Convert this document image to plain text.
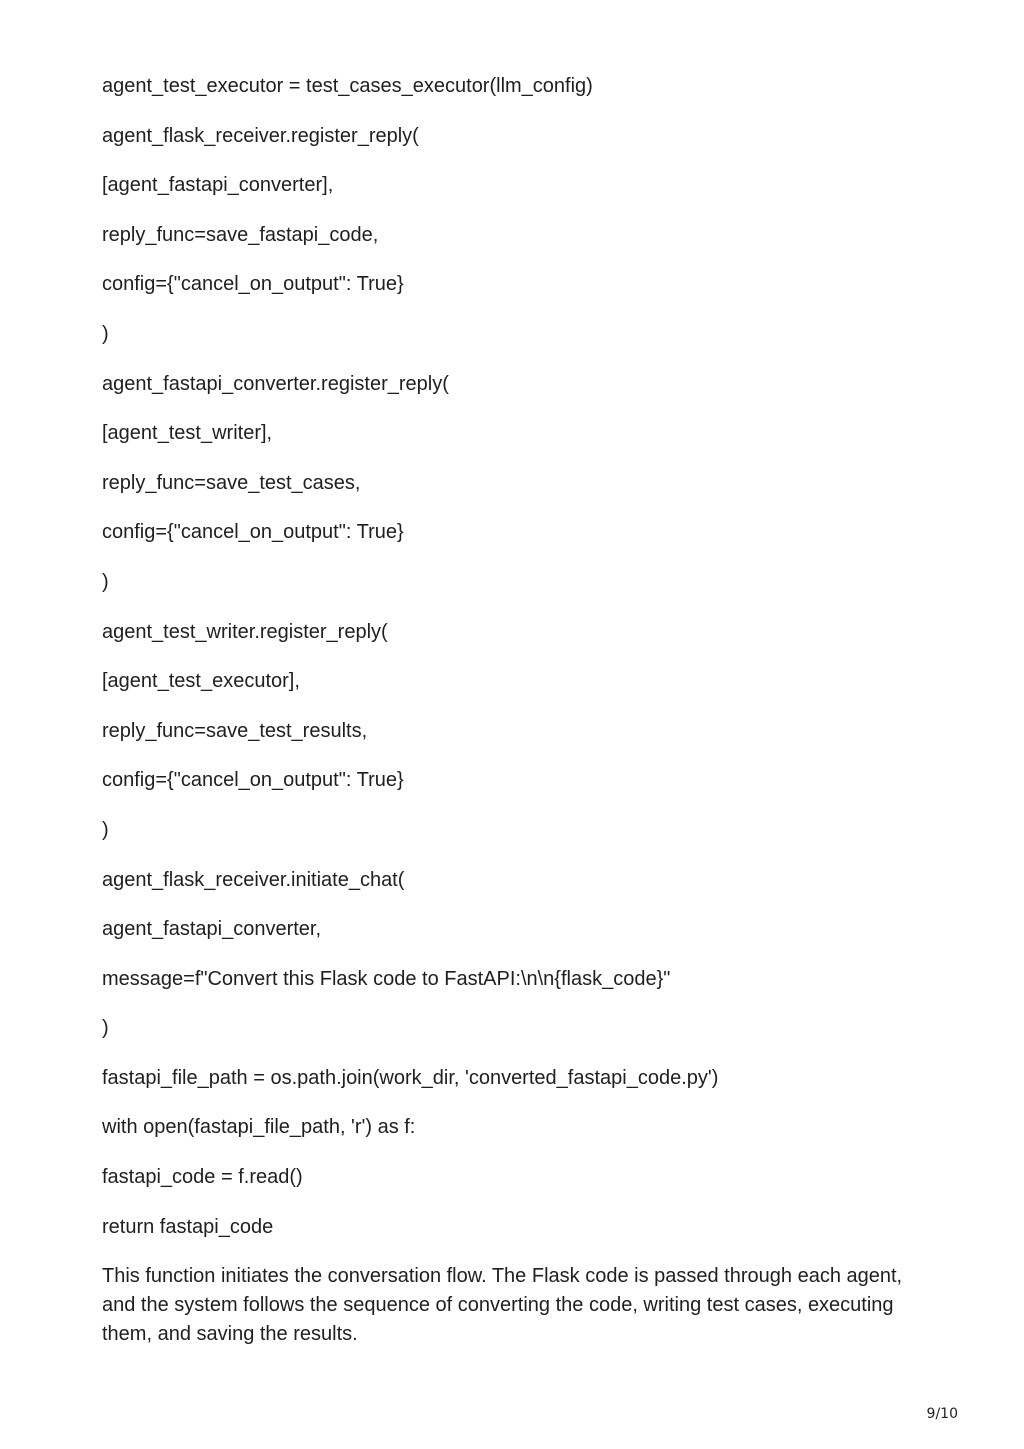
agent_test_executor = test_cases_executor(llm_config)
agent_flask_receiver.register_reply(
[agent_fastapi_converter],
reply_func=save_fastapi_code,
config={"cancel_on_output": True}
)
agent_fastapi_converter.register_reply(
[agent_test_writer],
reply_func=save_test_cases,
config={"cancel_on_output": True}
)
agent_test_writer.register_reply(
[agent_test_executor],
reply_func=save_test_results,
config={"cancel_on_output": True}
)
agent_flask_receiver.initiate_chat(
agent_fastapi_converter,
message=f"Convert this Flask code to FastAPI:\n\n{flask_code}"
)
fastapi_file_path = os.path.join(work_dir, 'converted_fastapi_code.py')
with open(fastapi_file_path, 'r') as f:
fastapi_code = f.read()
return fastapi_code

This function initiates the conversation flow. The Flask code is passed through each agent, and the system follows the sequence of converting the code, writing test cases, executing them, and saving the results.

9/10
